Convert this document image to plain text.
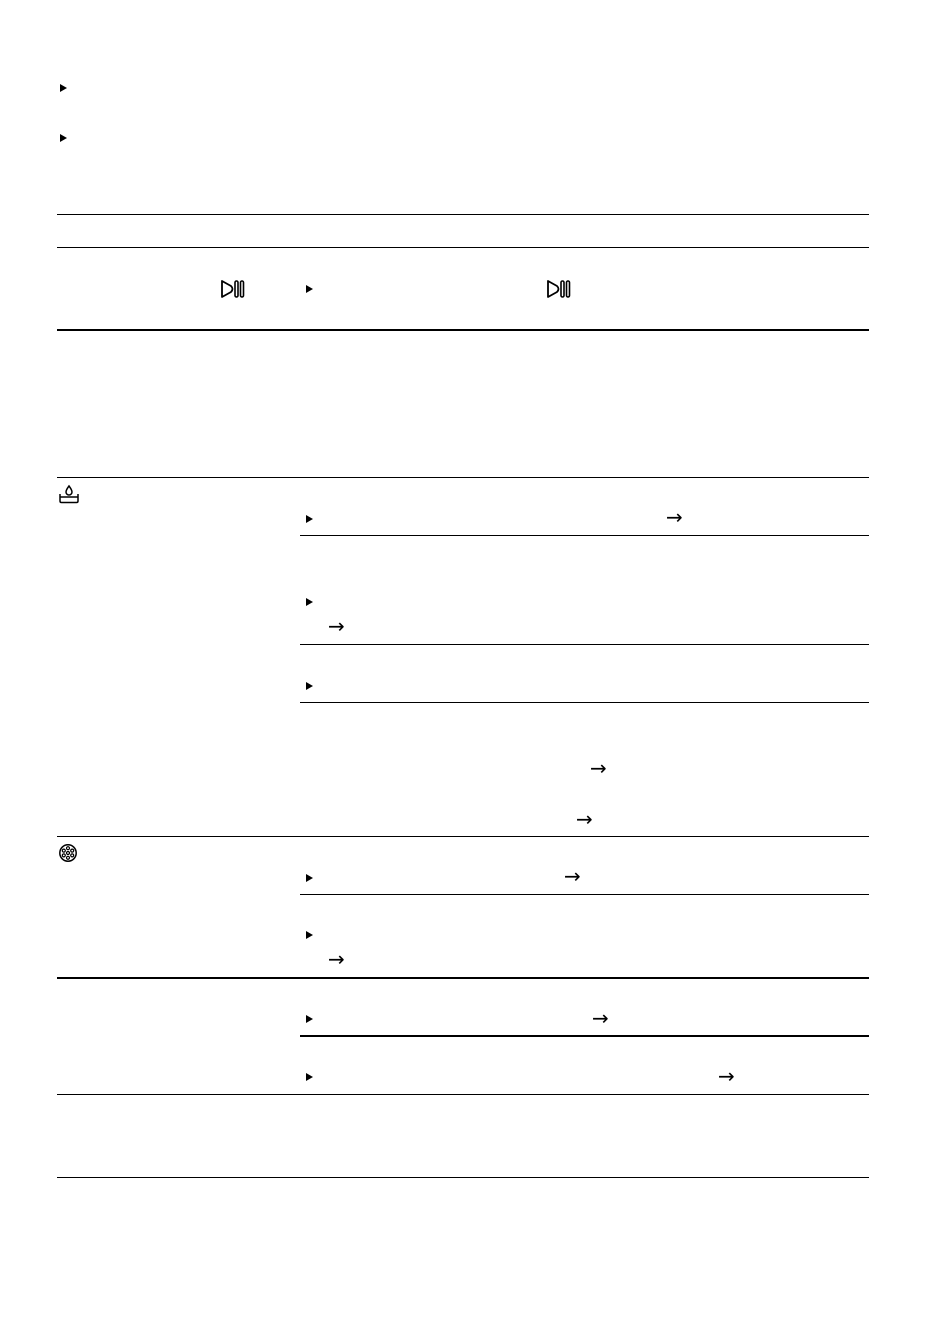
→
→
→
→
→
→
→
→
